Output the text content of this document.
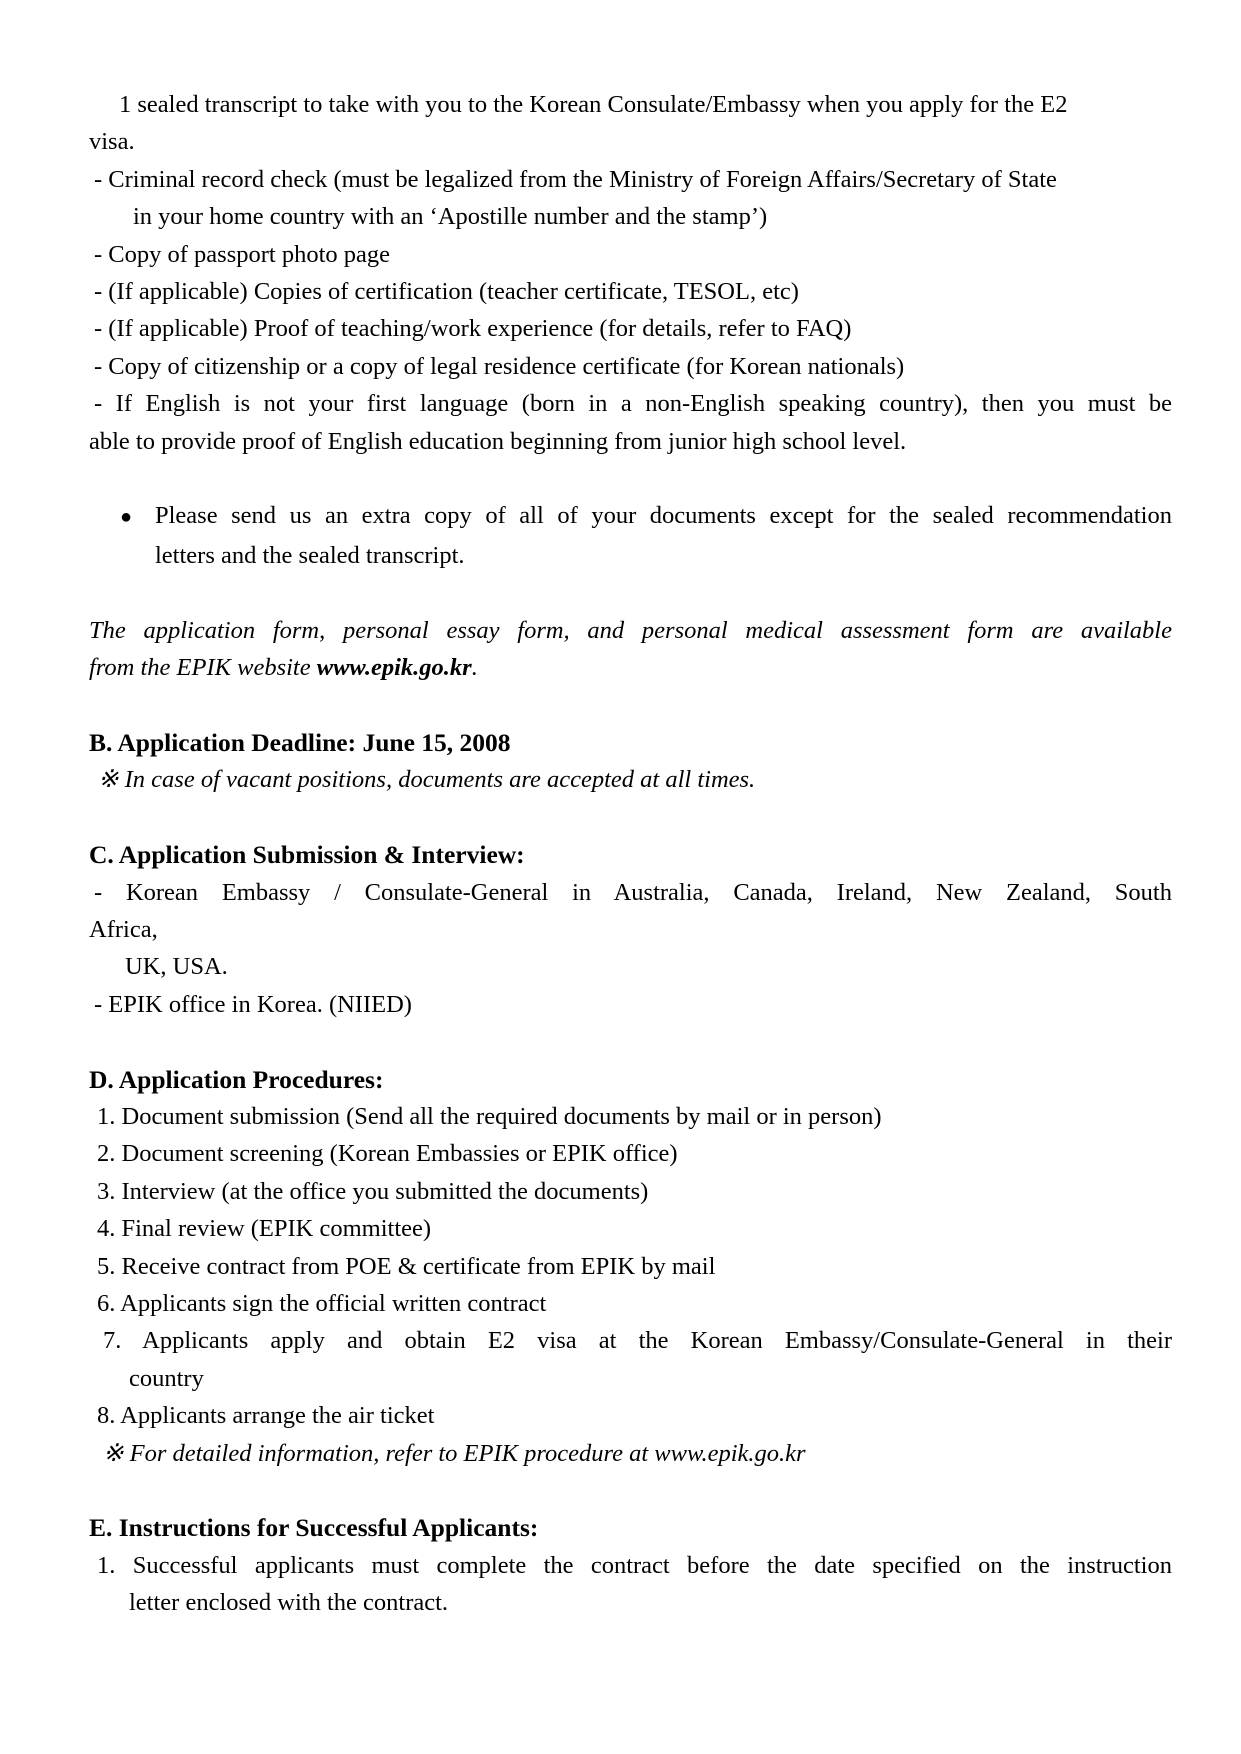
1 sealed transcript to take with you to the Korean Consulate/Embassy when you apply for the E2
visa.
- Criminal record check (must be legalized from the Ministry of Foreign Affairs/Secretary of State
in your home country with an ‘Apostille number and the stamp’)
- Copy of passport photo page
- (If applicable) Copies of certification (teacher certificate, TESOL, etc)
- (If applicable) Proof of teaching/work experience (for details, refer to FAQ)
- Copy of citizenship or a copy of legal residence certificate (for Korean nationals)
- If English is not your first language (born in a non-English speaking country), then you must be
able to provide proof of English education beginning from junior high school level.

● Please send us an extra copy of all of your documents except for the sealed recommendation
letters and the sealed transcript.

The application form, personal essay form, and personal medical assessment form are available
from the EPIK website www.epik.go.kr.

B. Application Deadline: June 15, 2008
※ In case of vacant positions, documents are accepted at all times.

C. Application Submission & Interview:
- Korean Embassy / Consulate-General in Australia, Canada, Ireland, New Zealand, South
Africa,
UK, USA.
- EPIK office in Korea. (NIIED)

D. Application Procedures:
1. Document submission (Send all the required documents by mail or in person)
2. Document screening (Korean Embassies or EPIK office)
3. Interview (at the office you submitted the documents)
4. Final review (EPIK committee)
5. Receive contract from POE & certificate from EPIK by mail
6. Applicants sign the official written contract
7. Applicants apply and obtain E2 visa at the Korean Embassy/Consulate-General in their
country
8. Applicants arrange the air ticket
※ For detailed information, refer to EPIK procedure at www.epik.go.kr

E. Instructions for Successful Applicants:
1. Successful applicants must complete the contract before the date specified on the instruction
letter enclosed with the contract.
